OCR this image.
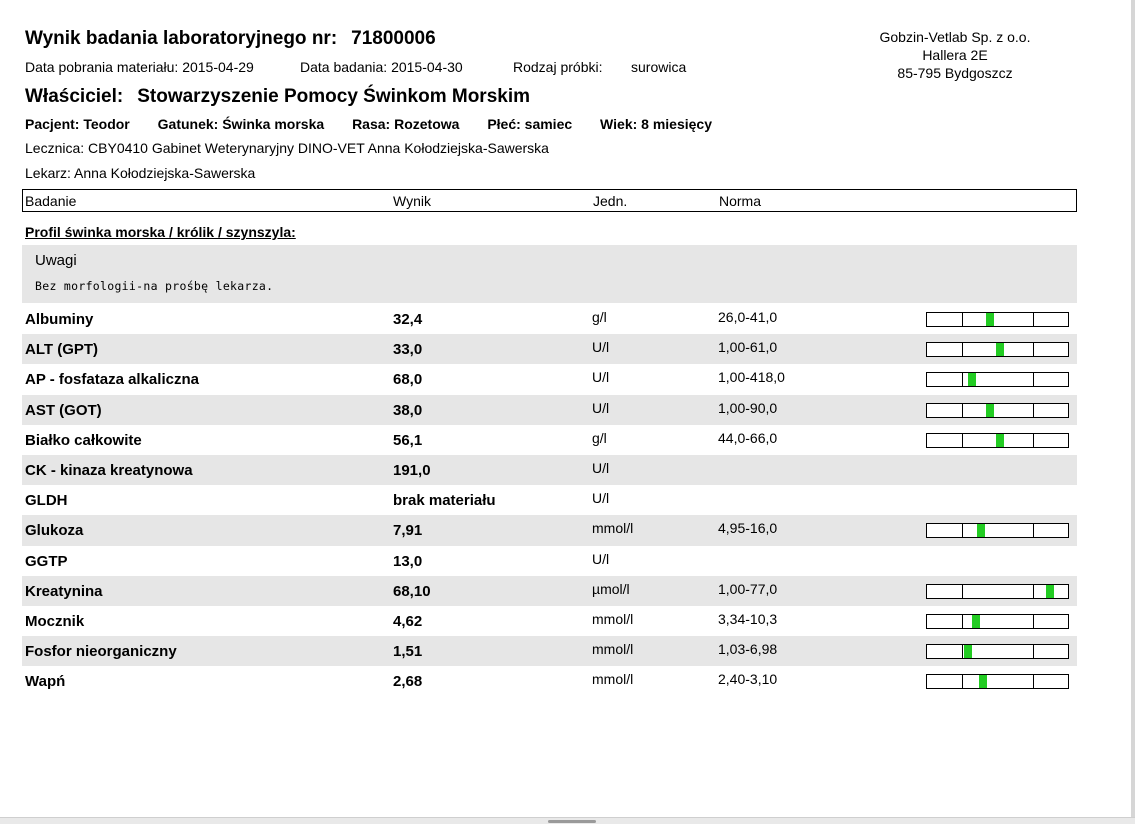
Wynik badania laboratoryjnego nr: 71800006
Data pobrania materiału: 2015-04-29	Data badania: 2015-04-30	Rodzaj próbki: surowica
Gobzin-Vetlab Sp. z o.o.
Hallera 2E
85-795 Bydgoszcz
Właściciel: Stowarzyszenie Pomocy Świnkom Morskim
Pacjent: Teodor Gatunek: Świnka morska Rasa: Rozetowa Płeć: samiec Wiek: 8 miesięcy
Lecznica: CBY0410 Gabinet Weterynaryjny DINO-VET Anna Kołodziejska-Sawerska
Lekarz: Anna Kołodziejska-Sawerska
Badanie	Wynik	Jedn.	Norma
Profil świnka morska / królik / szynszyla:
Uwagi
Bez morfologii-na prośbę lekarza.
Albuminy	32,4	g/l	26,0-41,0
ALT (GPT)	33,0	U/l	1,00-61,0
AP - fosfataza alkaliczna	68,0	U/l	1,00-418,0
AST (GOT)	38,0	U/l	1,00-90,0
Białko całkowite	56,1	g/l	44,0-66,0
CK - kinaza kreatynowa	191,0	U/l
GLDH	brak materiału	U/l
Glukoza	7,91	mmol/l	4,95-16,0
GGTP	13,0	U/l
Kreatynina	68,10	µmol/l	1,00-77,0
Mocznik	4,62	mmol/l	3,34-10,3
Fosfor nieorganiczny	1,51	mmol/l	1,03-6,98
Wapń	2,68	mmol/l	2,40-3,10
